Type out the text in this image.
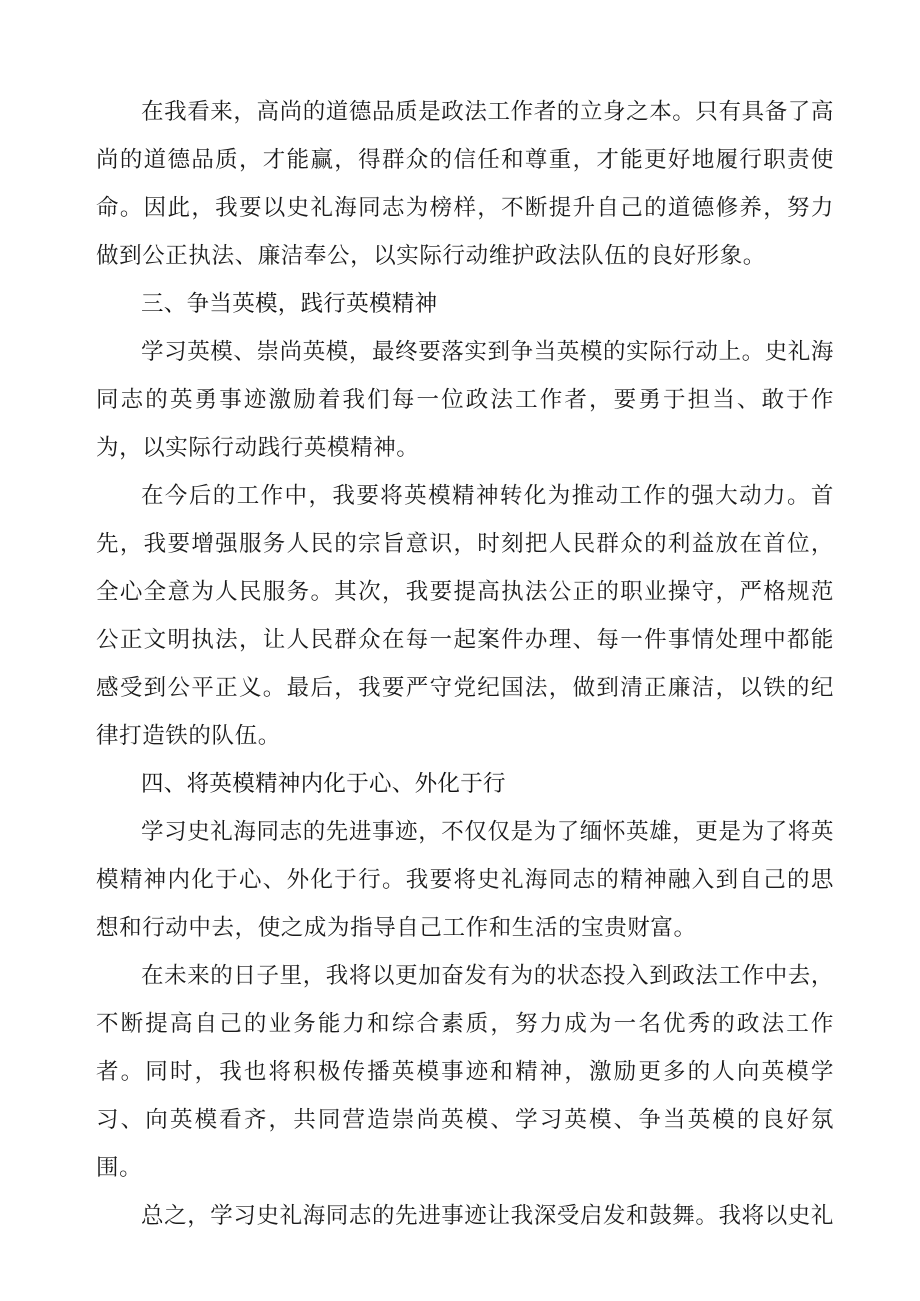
在我看来，高尚的道德品质是政法工作者的立身之本。只有具备了高尚的道德品质，才能赢，得群众的信任和尊重，才能更好地履行职责使命。因此，我要以史礼海同志为榜样，不断提升自己的道德修养，努力做到公正执法、廉洁奉公，以实际行动维护政法队伍的良好形象。

三、争当英模，践行英模精神

学习英模、崇尚英模，最终要落实到争当英模的实际行动上。史礼海同志的英勇事迹激励着我们每一位政法工作者，要勇于担当、敢于作为，以实际行动践行英模精神。

在今后的工作中，我要将英模精神转化为推动工作的强大动力。首先，我要增强服务人民的宗旨意识，时刻把人民群众的利益放在首位，全心全意为人民服务。其次，我要提高执法公正的职业操守，严格规范公正文明执法，让人民群众在每一起案件办理、每一件事情处理中都能感受到公平正义。最后，我要严守党纪国法，做到清正廉洁，以铁的纪律打造铁的队伍。

四、将英模精神内化于心、外化于行

学习史礼海同志的先进事迹，不仅仅是为了缅怀英雄，更是为了将英模精神内化于心、外化于行。我要将史礼海同志的精神融入到自己的思想和行动中去，使之成为指导自己工作和生活的宝贵财富。

在未来的日子里，我将以更加奋发有为的状态投入到政法工作中去，不断提高自己的业务能力和综合素质，努力成为一名优秀的政法工作者。同时，我也将积极传播英模事迹和精神，激励更多的人向英模学习、向英模看齐，共同营造崇尚英模、学习英模、争当英模的良好氛围。

总之，学习史礼海同志的先进事迹让我深受启发和鼓舞。我将以史礼
